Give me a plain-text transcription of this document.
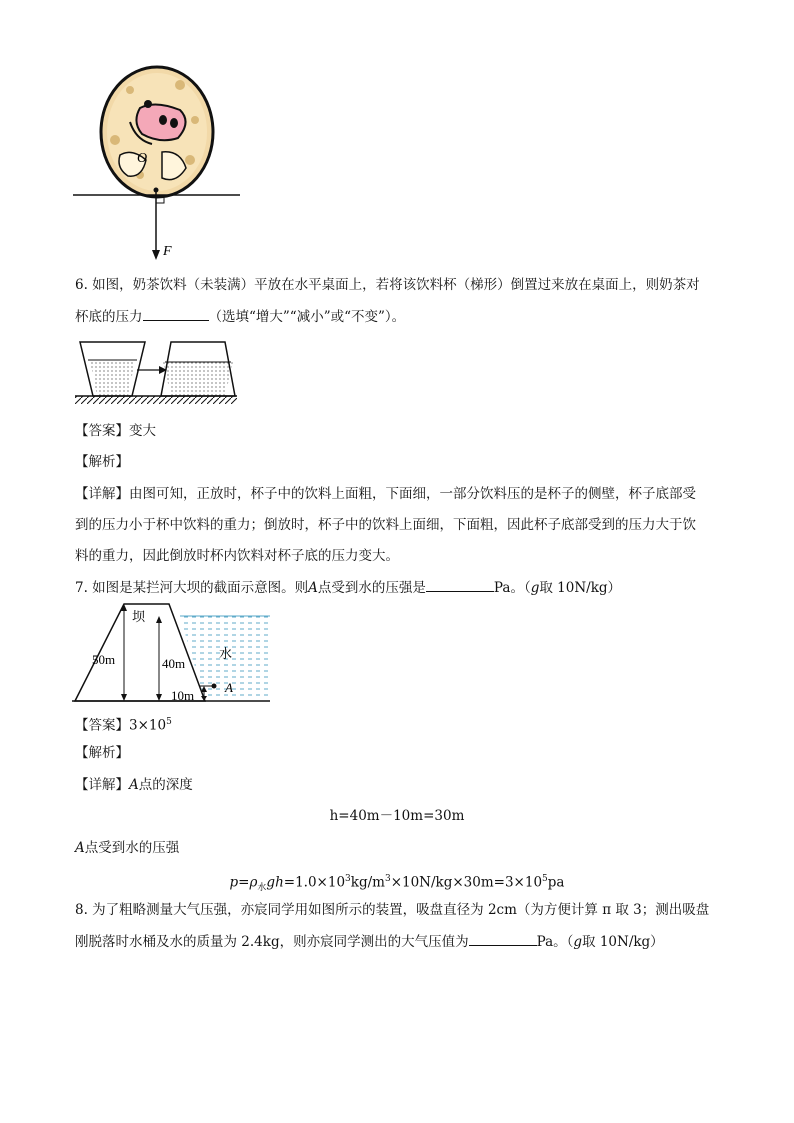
O
F
6. 如图，奶茶饮料（未装满）平放在水平桌面上，若将该饮料杯（梯形）倒置过来放在桌面上，则奶茶对
杯底的压力	（选填“增大”“减小”或“不变”）。
【答案】变大
【解析】
【详解】由图可知，正放时，杯子中的饮料上面粗，下面细，一部分饮料压的是杯子的侧壁，杯子底部受
到的压力小于杯中饮料的重力；倒放时，杯子中的饮料上面细，下面粗，因此杯子底部受到的压力大于饮
料的重力，因此倒放时杯内饮料对杯子底的压力变大。
7. 如图是某拦河大坝的截面示意图。则A点受到水的压强是	Pa。（g取 10N/kg）
坝
水
50m	40m
10m
A
【答案】$3\times 10^5$
【解析】
【详解】A点的深度
h=40m－10m=30m
A点受到水的压强
$p=\rho_水gh=1.0\times 10^3kg/m^3\times 10N/kg\times 30m=3\times 10^5pa$
8. 为了粗略测量大气压强，亦宸同学用如图所示的装置，吸盘直径为 2cm（为方便计算 π 取 3；测出吸盘
刚脱落时水桶及水的质量为 2.4kg，则亦宸同学测出的大气压值为	Pa。（g取 10N/kg）
